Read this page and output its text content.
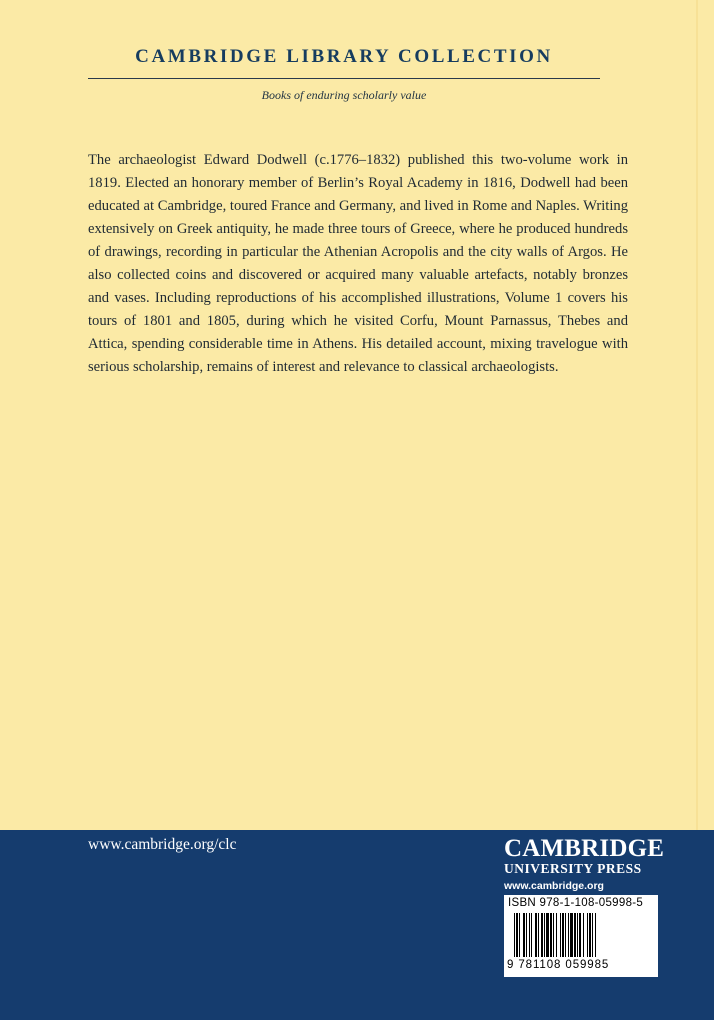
CAMBRIDGE LIBRARY COLLECTION
Books of enduring scholarly value

The archaeologist Edward Dodwell (c.1776–1832) published this two-volume work in 1819. Elected an honorary member of Berlin’s Royal Academy in 1816, Dodwell had been educated at Cambridge, toured France and Germany, and lived in Rome and Naples. Writing extensively on Greek antiquity, he made three tours of Greece, where he produced hundreds of drawings, recording in particular the Athenian Acropolis and the city walls of Argos. He also collected coins and discovered or acquired many valuable artefacts, notably bronzes and vases. Including reproductions of his accomplished illustrations, Volume 1 covers his tours of 1801 and 1805, during which he visited Corfu, Mount Parnassus, Thebes and Attica, spending considerable time in Athens. His detailed account, mixing travelogue with serious scholarship, remains of interest and relevance to classical archaeologists.

www.cambridge.org/clc	CAMBRIDGE
UNIVERSITY PRESS
www.cambridge.org
ISBN 978-1-108-05998-5
9 781108 059985
